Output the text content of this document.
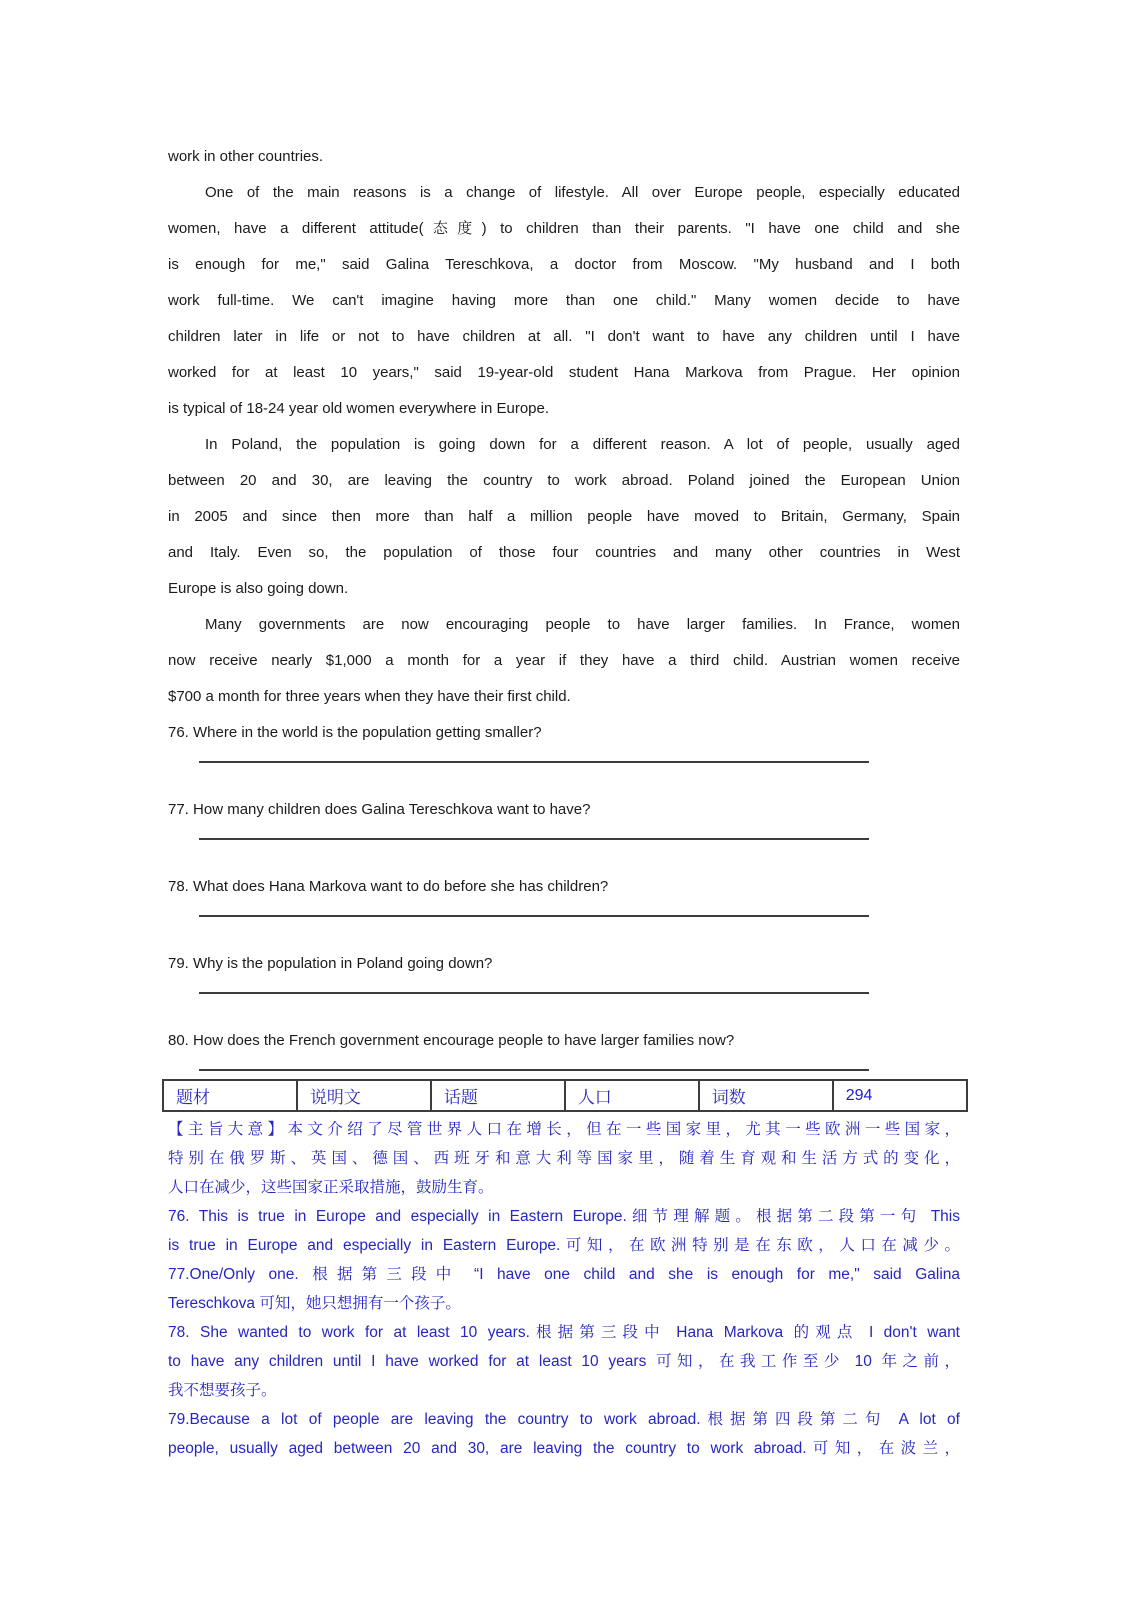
work in other countries.
One of the main reasons is a change of lifestyle. All over Europe people, especially educated
women, have a different attitude(态度) to children than their parents. "I have one child and she
is enough for me," said Galina Tereschkova, a doctor from Moscow. "My husband and I both
work full-time. We can't imagine having more than one child." Many women decide to have
children later in life or not to have children at all. "I don't want to have any children until I have
worked for at least 10 years," said 19-year-old student Hana Markova from Prague. Her opinion
is typical of 18-24 year old women everywhere in Europe.
In Poland, the population is going down for a different reason. A lot of people, usually aged
between 20 and 30, are leaving the country to work abroad. Poland joined the European Union
in 2005 and since then more than half a million people have moved to Britain, Germany, Spain
and Italy. Even so, the population of those four countries and many other countries in West
Europe is also going down.
Many governments are now encouraging people to have larger families. In France, women
now receive nearly $1,000 a month for a year if they have a third child. Austrian women receive
$700 a month for three years when they have their first child.
76. Where in the world is the population getting smaller?
77. How many children does Galina Tereschkova want to have?
78. What does Hana Markova want to do before she has children?
79. Why is the population in Poland going down?
80. How does the French government encourage people to have larger families now?
题材	说明文	话题	人口	词数	294
【主旨大意】本文介绍了尽管世界人口在增长，但在一些国家里，尤其一些欧洲一些国家，
特别在俄罗斯、英国、德国、西班牙和意大利等国家里，随着生育观和生活方式的变化，
人口在减少，这些国家正采取措施，鼓励生育。
76. This is true in Europe and especially in Eastern Europe.细节理解题。根据第二段第一句 This
is true in Europe and especially in Eastern Europe.可知，在欧洲特别是在东欧，人口在减少。
77.One/Only one. 根据第三段中 “I have one child and she is enough for me," said Galina
Tereschkova 可知，她只想拥有一个孩子。
78. She wanted to work for at least 10 years.根据第三段中 Hana Markova 的观点 I don't want
to have any children until I have worked for at least 10 years 可知，在我工作至少 10 年之前，
我不想要孩子。
79.Because a lot of people are leaving the country to work abroad.根据第四段第二句 A lot of
people, usually aged between 20 and 30, are leaving the country to work abroad.可知，在波兰，
